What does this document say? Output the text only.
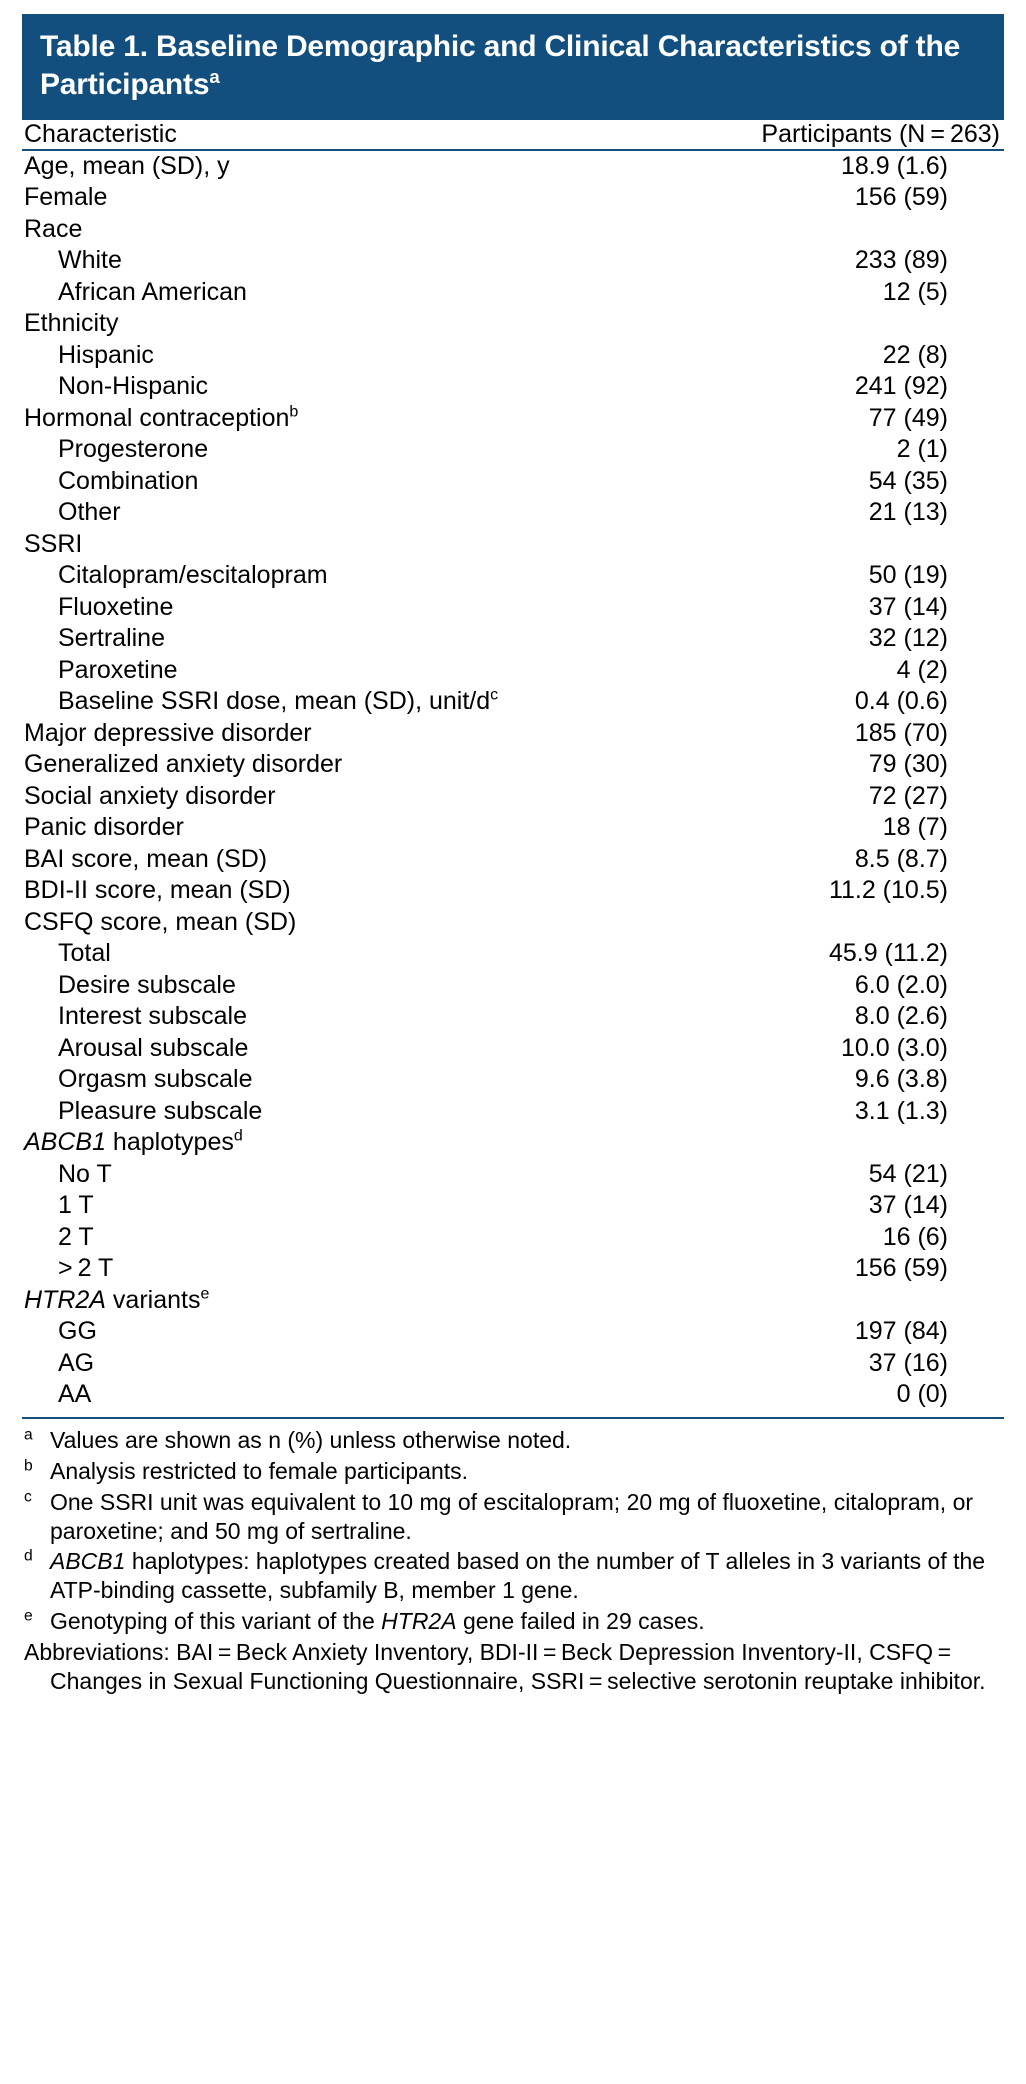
Table 1. Baseline Demographic and Clinical Characteristics of the Participants$^a$
Characteristic	Participants (N = 263)
Age, mean (SD), y	18.9 (1.6)
Female	156 (59)
Race	
White	233 (89)
African American	12 (5)
Ethnicity	
Hispanic	22 (8)
Non-Hispanic	241 (92)
Hormonal contraception$^b$	77 (49)
Progesterone	2 (1)
Combination	54 (35)
Other	21 (13)
SSRI	
Citalopram/escitalopram	50 (19)
Fluoxetine	37 (14)
Sertraline	32 (12)
Paroxetine	4 (2)
Baseline SSRI dose, mean (SD), unit/$d^c$	0.4 (0.6)
Major depressive disorder	185 (70)
Generalized anxiety disorder	79 (30)
Social anxiety disorder	72 (27)
Panic disorder	18 (7)
BAI score, mean (SD)	8.5 (8.7)
BDI-II score, mean (SD)	11.2 (10.5)
CSFQ score, mean (SD)	
Total	45.9 (11.2)
Desire subscale	6.0 (2.0)
Interest subscale	8.0 (2.6)
Arousal subscale	10.0 (3.0)
Orgasm subscale	9.6 (3.8)
Pleasure subscale	3.1 (1.3)
ABCB1 haplotypes$^d$	
No T	54 (21)
1 T	37 (14)
2 T	16 (6)
> 2 T	156 (59)
HTR2A variants$^e$	
GG	197 (84)
AG	37 (16)
AA	0 (0)

$^a$ Values are shown as n (%) unless otherwise noted.

$^b$ Analysis restricted to female participants.

$^c$ One SSRI unit was equivalent to 10 mg of escitalopram; 20 mg of fluoxetine, citalopram, or paroxetine; and 50 mg of sertraline.

$^d$ ABCB1 haplotypes: haplotypes created based on the number of T alleles in 3 variants of the ATP-binding cassette, subfamily B, member 1 gene.

$^e$ Genotyping of this variant of the HTR2A gene failed in 29 cases.

Abbreviations: BAI = Beck Anxiety Inventory, BDI-II = Beck Depression Inventory-II, CSFQ = Changes in Sexual Functioning Questionnaire, SSRI = selective serotonin reuptake inhibitor.
